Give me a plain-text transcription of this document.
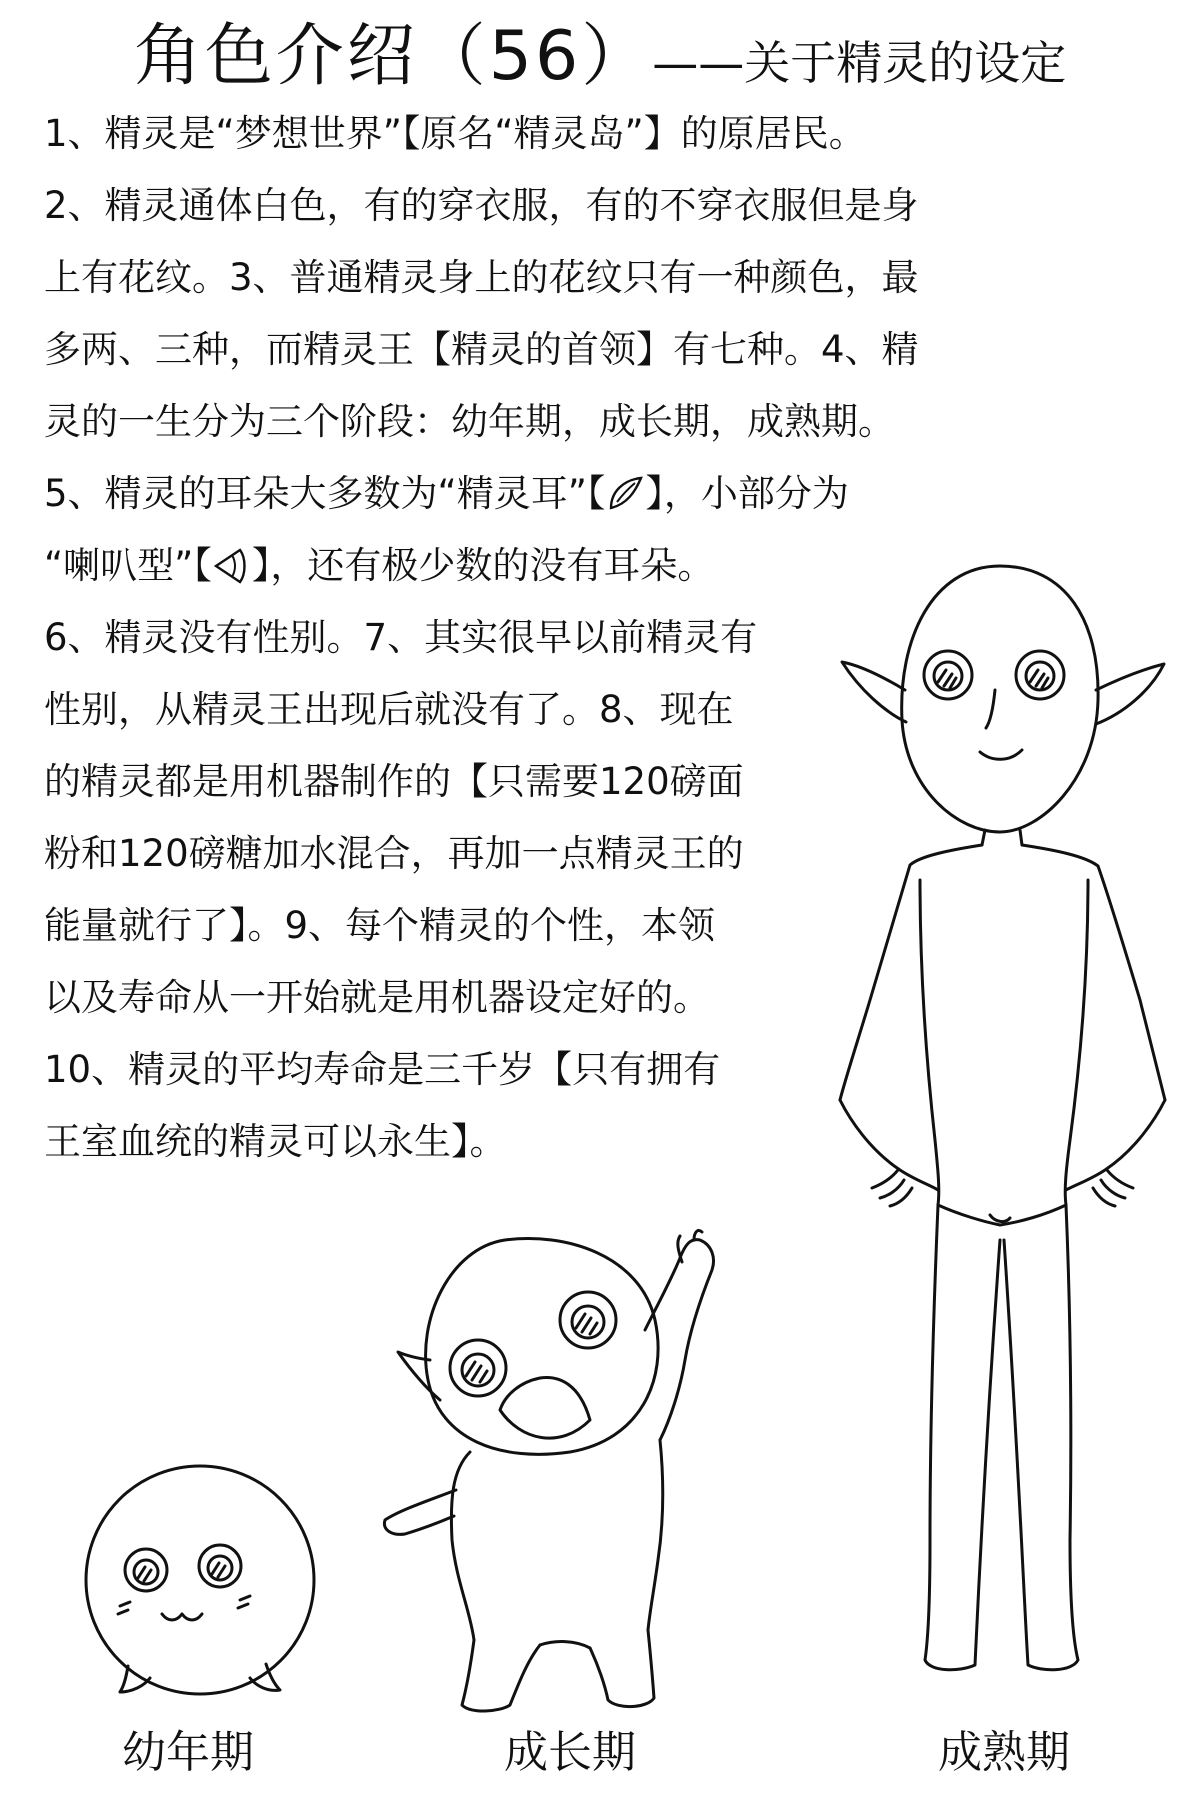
角色介绍（56）——关于精灵的设定
1、精灵是“梦想世界”【原名“精灵岛”】的原居民。
2、精灵通体白色，有的穿衣服，有的不穿衣服但是身
上有花纹。3、普通精灵身上的花纹只有一种颜色，最
多两、三种，而精灵王【精灵的首领】有七种。4、精
灵的一生分为三个阶段：幼年期，成长期，成熟期。
5、精灵的耳朵大多数为“精灵耳”【 】，小部分为
“喇叭型”【 】，还有极少数的没有耳朵。
6、精灵没有性别。7、其实很早以前精灵有
性别，从精灵王出现后就没有了。8、现在
的精灵都是用机器制作的【只需要120磅面
粉和120磅糖加水混合，再加一点精灵王的
能量就行了】。9、每个精灵的个性，本领
以及寿命从一开始就是用机器设定好的。
10、精灵的平均寿命是三千岁【只有拥有
王室血统的精灵可以永生】。
幼年期	成长期	成熟期
